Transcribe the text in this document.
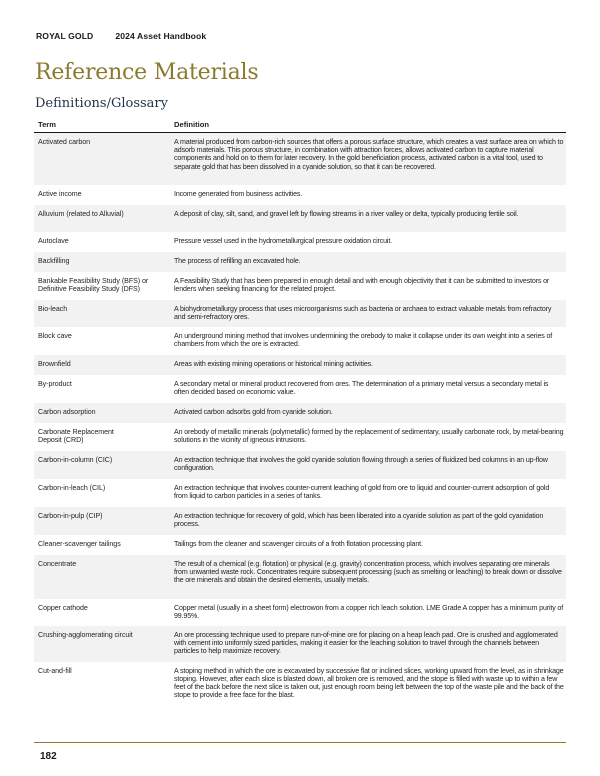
ROYAL GOLD	2024 Asset Handbook
Reference Materials
Definitions/Glossary
Term	Definition

Activated carbon	A material produced from carbon-rich sources that offers a porous surface structure, which creates a vast surface area on which to adsorb materials. This porous structure, in combination with attraction forces, allows activated carbon to capture material components and hold on to them for later recovery. In the gold beneficiation process, activated carbon is a vital tool, used to separate gold that has been dissolved in a cyanide solution, so that it can be recovered.

Active income	Income generated from business activities.

Alluvium (related to Alluvial)	A deposit of clay, silt, sand, and gravel left by flowing streams in a river valley or delta, typically producing fertile soil.

Autoclave	Pressure vessel used in the hydrometallurgical pressure oxidation circuit.

Backfilling	The process of refilling an excavated hole.

Bankable Feasibility Study (BFS) or
Definitive Feasibility Study (DFS)	A Feasibility Study that has been prepared in enough detail and with enough objectivity that it can be submitted to investors or lenders when seeking financing for the related project.

Bio-leach	A biohydrometallurgy process that uses microorganisms such as bacteria or archaea to extract valuable metals from refractory and semi-refractory ores.

Block cave	An underground mining method that involves undermining the orebody to make it collapse under its own weight into a series of chambers from which the ore is extracted.

Brownfield	Areas with existing mining operations or historical mining activities.

By-product	A secondary metal or mineral product recovered from ores. The determination of a primary metal versus a secondary metal is often decided based on economic value.

Carbon adsorption	Activated carbon adsorbs gold from cyanide solution.

Carbonate Replacement
Deposit (CRD)	An orebody of metallic minerals (polymetallic) formed by the replacement of sedimentary, usually carbonate rock, by metal-bearing solutions in the vicinity of igneous intrusions.

Carbon-in-column (CIC)	An extraction technique that involves the gold cyanide solution flowing through a series of fluidized bed columns in an up-flow configuration.

Carbon-in-leach (CIL)	An extraction technique that involves counter-current leaching of gold from ore to liquid and counter-current adsorption of gold from liquid to carbon particles in a series of tanks.

Carbon-in-pulp (CIP)	An extraction technique for recovery of gold, which has been liberated into a cyanide solution as part of the gold cyanidation process.

Cleaner-scavenger tailings	Tailings from the cleaner and scavenger circuits of a froth flotation processing plant.

Concentrate	The result of a chemical (e.g. flotation) or physical (e.g. gravity) concentration process, which involves separating ore minerals from unwanted waste rock. Concentrates require subsequent processing (such as smelting or leaching) to break down or dissolve the ore minerals and obtain the desired elements, usually metals.

Copper cathode	Copper metal (usually in a sheet form) electrowon from a copper rich leach solution. LME Grade A copper has a minimum purity of 99.95%.

Crushing-agglomerating circuit	An ore processing technique used to prepare run-of-mine ore for placing on a heap leach pad. Ore is crushed and agglomerated with cement into uniformly sized particles, making it easier for the leaching solution to travel through the channels between particles to help maximize recovery.

Cut-and-fill	A stoping method in which the ore is excavated by successive flat or inclined slices, working upward from the level, as in shrinkage stoping. However, after each slice is blasted down, all broken ore is removed, and the stope is filled with waste up to within a few feet of the back before the next slice is taken out, just enough room being left between the top of the waste pile and the back of the stope to provide a free face for the blast.
182
